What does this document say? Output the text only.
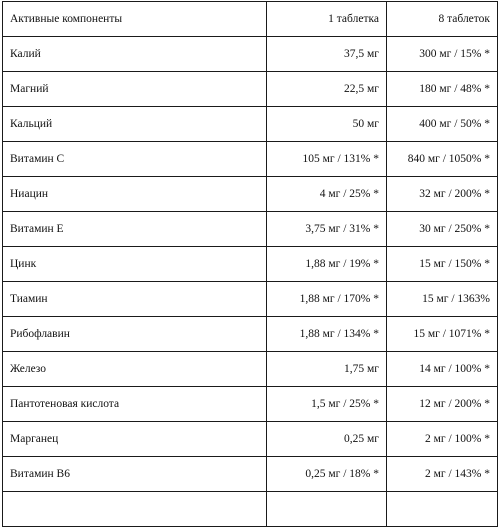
Активные компоненты	1 таблетка	8 таблеток
Калий	37,5 мг	300 мг / 15% *
Магний	22,5 мг	180 мг / 48% *
Кальций	50 мг	400 мг / 50% *
Витамин С	105 мг / 131% *	840 мг / 1050% *
Ниацин	4 мг / 25% *	32 мг / 200% *
Витамин Е	3,75 мг / 31% *	30 мг / 250% *
Цинк	1,88 мг / 19% *	15 мг / 150% *
Тиамин	1,88 мг / 170% *	15 мг / 1363%
Рибофлавин	1,88 мг / 134% *	15 мг / 1071% *
Железо	1,75 мг	14 мг / 100% *
Пантотеновая кислота	1,5 мг / 25% *	12 мг / 200% *
Марганец	0,25 мг	2 мг / 100% *
Витамин В6	0,25 мг / 18% *	2 мг / 143% *
